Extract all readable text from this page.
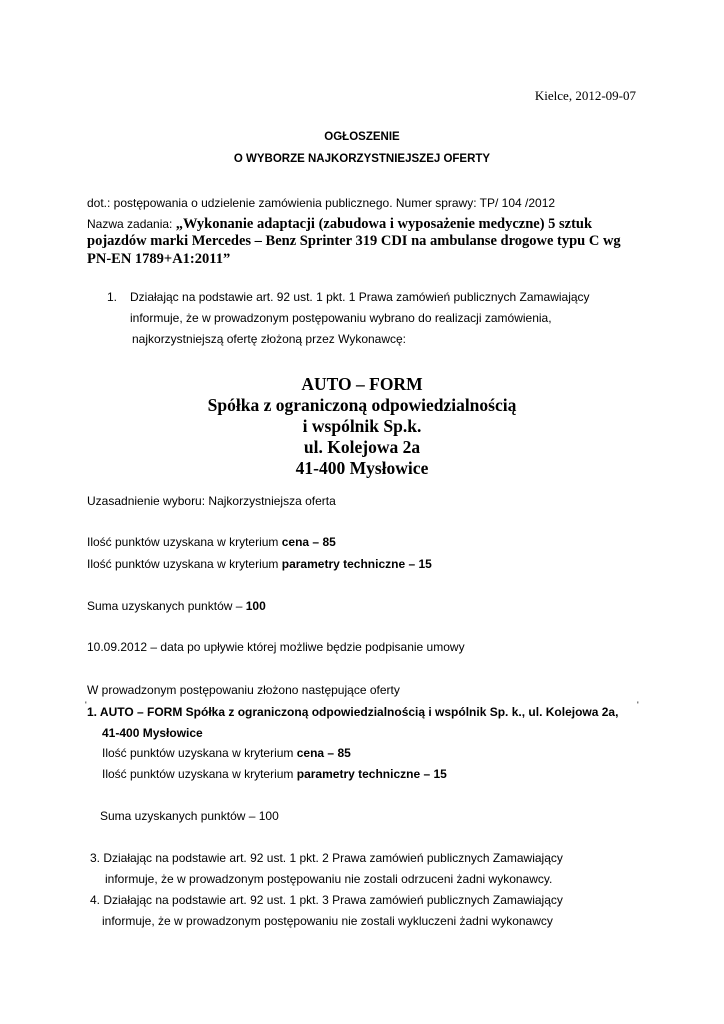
Kielce, 2012-09-07
OGŁOSZENIE
O WYBORZE NAJKORZYSTNIEJSZEJ OFERTY
dot.: postępowania o udzielenie zamówienia publicznego. Numer sprawy: TP/ 104 /2012
Nazwa zadania: „Wykonanie adaptacji (zabudowa i wyposażenie medyczne) 5 sztuk
pojazdów marki Mercedes – Benz Sprinter 319 CDI na ambulanse drogowe typu C wg
PN-EN 1789+A1:2011”
1. Działając na podstawie art. 92 ust. 1 pkt. 1 Prawa zamówień publicznych Zamawiający
informuje, że w prowadzonym postępowaniu wybrano do realizacji zamówienia,
najkorzystniejszą ofertę złożoną przez Wykonawcę:
AUTO – FORM
Spółka z ograniczoną odpowiedzialnością
i wspólnik Sp.k.
ul. Kolejowa 2a
41-400 Mysłowice
Uzasadnienie wyboru: Najkorzystniejsza oferta
Ilość punktów uzyskana w kryterium cena – 85
Ilość punktów uzyskana w kryterium parametry techniczne – 15
Suma uzyskanych punktów – 100
10.09.2012 – data po upływie której możliwe będzie podpisanie umowy
W prowadzonym postępowaniu złożono następujące oferty
'	'
1. AUTO – FORM Spółka z ograniczoną odpowiedzialnością i wspólnik Sp. k., ul. Kolejowa 2a,
41-400 Mysłowice
Ilość punktów uzyskana w kryterium cena – 85
Ilość punktów uzyskana w kryterium parametry techniczne – 15
Suma uzyskanych punktów – 100
3. Działając na podstawie art. 92 ust. 1 pkt. 2 Prawa zamówień publicznych Zamawiający
informuje, że w prowadzonym postępowaniu nie zostali odrzuceni żadni wykonawcy.
4. Działając na podstawie art. 92 ust. 1 pkt. 3 Prawa zamówień publicznych Zamawiający
informuje, że w prowadzonym postępowaniu nie zostali wykluczeni żadni wykonawcy
